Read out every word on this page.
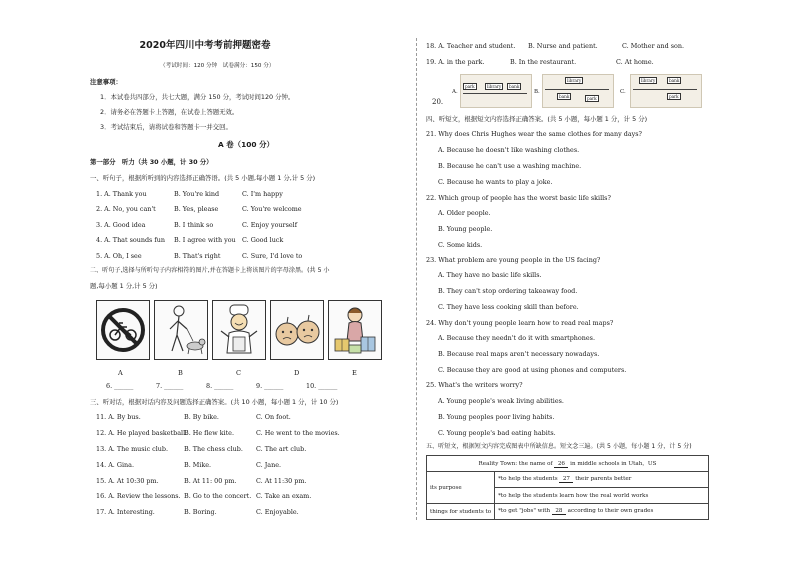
2020年四川中考考前押题密卷
（考试时间：120 分钟　试卷满分：150 分）
注意事项：
1．本试卷共四部分，共七大题，满分 150 分，考试时间120 分钟。
2．请务必在答题卡上答题，在试卷上答题无效。
3．考试结束后，请将试卷和答题卡一并交回。
A 卷（100 分）
第一部分　听力（共 30 小题，计 30 分）
一、听句子，根据所听到的内容选择正确答语。(共 5 小题,每小题 1 分,计 5 分)
1. A. Thank you	B. You're kind	C. I'm happy
2. A. No, you can't	B. Yes, please	C. You're welcome
3. A. Good idea	B. I think so	C. Enjoy yourself
4. A. That sounds fun B. I agree with you C. Good luck
5. A. Oh, I see	B. That's right	C. Sure, I'd love to
二、听句子,选择与所听句子内容相符的图片,并在答题卡上将该图片的字母涂黑。(共 5 小
题,每小题 1 分,计 5 分)
A	B	C	D	E
6. ______	7. ______	8. ______	9. ______	10. ______
三、听对话，根据对话内容及问题选择正确答案。(共 10 小题，每小题 1 分，计 10 分)
11. A. By bus.	B. By bike.	C. On foot.
12. A. He played basketball.
B. He flew kite.	C. He went to the movies.
13. A. The music club. B. The chess club. C. The art club.
14. A. Gina.	B. Mike.	C. Jane.
15. A. At 10:30 pm.	B. At 11: 00 pm.	C. At 11:30 pm.
16. A. Review the lessons. B. Go to the concert. C. Take an exam.
17. A. Interesting.	B. Boring.	C. Enjoyable.
18. A. Teacher and student. B. Nurse and patient.	C. Mother and son.
19. A. in the park.	B. In the restaurant.	C. At home.
20.
A.
park	library	bank
B.
library
bank	park
C.
library	bank
park
四、听短文，根据短文内容选择正确答案。(共 5 小题，每小题 1 分，计 5 分)
21. Why does Chris Hughes wear the same clothes for many days?
A. Because he doesn't like washing clothes.
B. Because he can't use a washing machine.
C. Because he wants to play a joke.
22. Which group of people has the worst basic life skills?
A. Older people.
B. Young people.
C. Some kids.
23. What problem are young people in the US facing?
A. They have no basic life skills.
B. They can't stop ordering takeaway food.
C. They have less cooking skill than before.
24. Why don't young people learn how to read real maps?
A. Because they needn't do it with smartphones.
B. Because real maps aren't necessary nowadays.
C. Because they are good at using phones and computers.
25. What's the writers worry?
A. Young people's weak living abilities.
B. Young peoples poor living habits.
C. Young people's bad eating habits.
五、听短文，根据短文内容完成图表中所缺信息。短文念三遍。(共 5 小题，每小题 1 分，计 5 分)
Reality Town: the name of 26 in middle schools in Utah，US	
its purpose	*to help the students 27 their parents better
	*to help the students learn how the real world works
things for students to	*to get "jobs" with 28 according to their own grades
